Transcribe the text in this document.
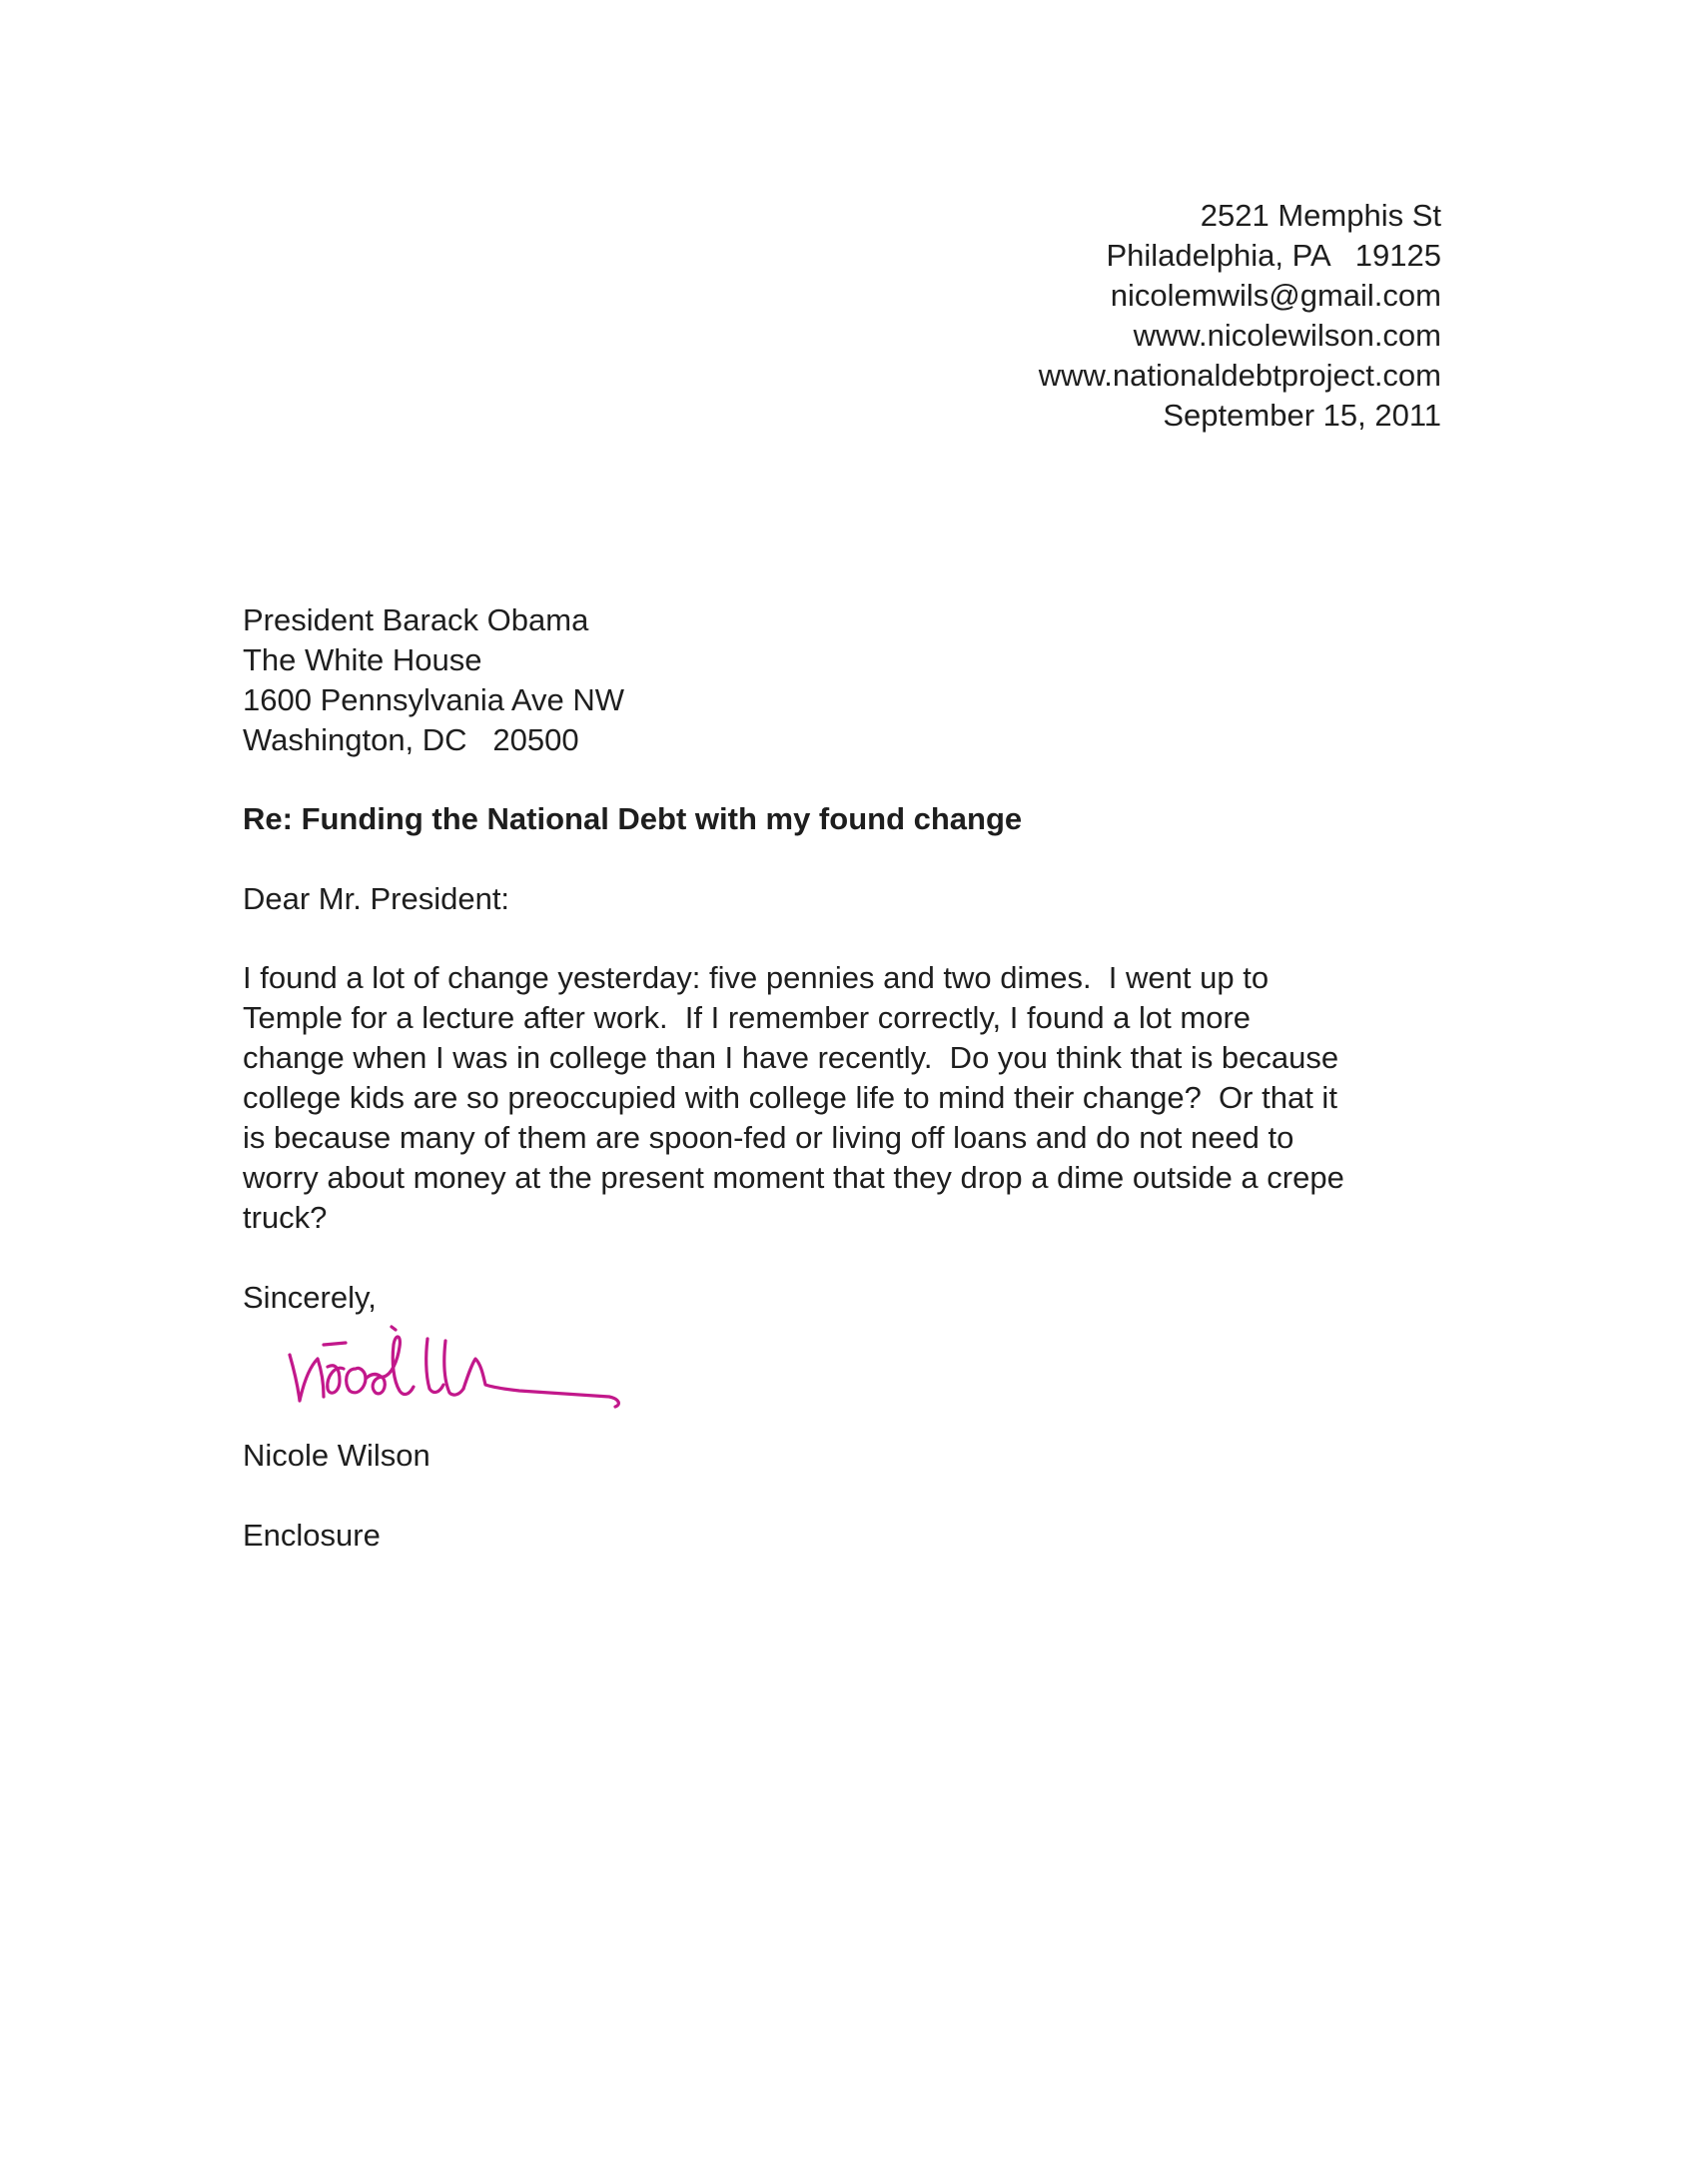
2521 Memphis St
Philadelphia, PA   19125
nicolemwils@gmail.com
www.nicolewilson.com
www.nationaldebtproject.com
September 15, 2011
President Barack Obama
The White House
1600 Pennsylvania Ave NW
Washington, DC   20500
Re: Funding the National Debt with my found change
Dear Mr. President:
I found a lot of change yesterday: five pennies and two dimes.  I went up to
Temple for a lecture after work.  If I remember correctly, I found a lot more
change when I was in college than I have recently.  Do you think that is because
college kids are so preoccupied with college life to mind their change?  Or that it
is because many of them are spoon-fed or living off loans and do not need to
worry about money at the present moment that they drop a dime outside a crepe
truck?
Sincerely,
Nicole Wilson
Enclosure
